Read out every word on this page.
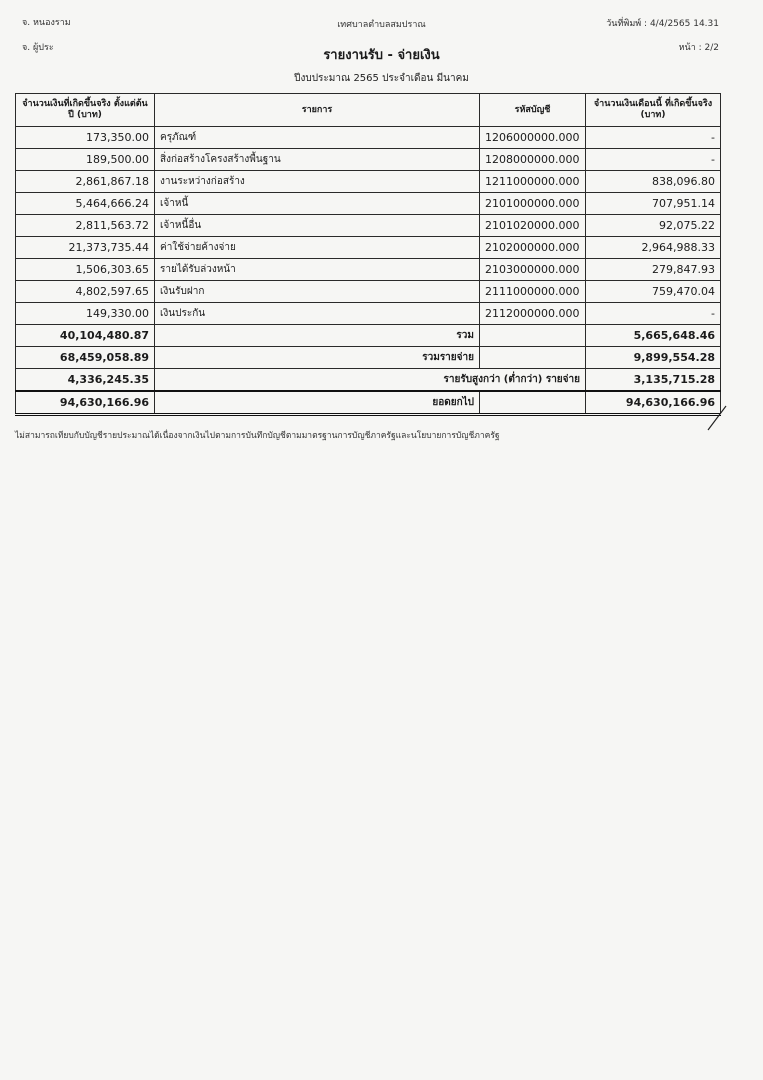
จ. หนองราม
จ. ผู้ประ
เทศบาลตำบลสมปราณ	วันที่พิมพ์ : 4/4/2565 14.31
หน้า : 2/2
รายงานรับ - จ่ายเงิน
ปีงบประมาณ 2565 ประจำเดือน มีนาคม
จำนวนเงินที่เกิดขึ้นจริง ตั้งแต่ต้นปี (บาท)	รายการ	รหัสบัญชี	จำนวนเงินเดือนนี้ ที่เกิดขึ้นจริง (บาท)
173,350.00	ครุภัณฑ์	1206000000.000	-
189,500.00	สิ่งก่อสร้างโครงสร้างพื้นฐาน	1208000000.000	-
2,861,867.18	งานระหว่างก่อสร้าง	1211000000.000	838,096.80
5,464,666.24	เจ้าหนี้	2101000000.000	707,951.14
2,811,563.72	เจ้าหนี้อื่น	2101020000.000	92,075.22
21,373,735.44	ค่าใช้จ่ายค้างจ่าย	2102000000.000	2,964,988.33
1,506,303.65	รายได้รับล่วงหน้า	2103000000.000	279,847.93
4,802,597.65	เงินรับฝาก	2111000000.000	759,470.04
149,330.00	เงินประกัน	2112000000.000	-
40,104,480.87	รวม		5,665,648.46
68,459,058.89	รวมรายจ่าย		9,899,554.28
4,336,245.35	รายรับสูงกว่า (ต่ำกว่า) รายจ่าย		3,135,715.28
94,630,166.96	ยอดยกไป		94,630,166.96
ไม่สามารถเทียบกับบัญชีรายประมาณได้เนื่องจากเงินไปตามการบันทึกบัญชีตามมาตรฐานการบัญชีภาครัฐและนโยบายการบัญชีภาครัฐ
